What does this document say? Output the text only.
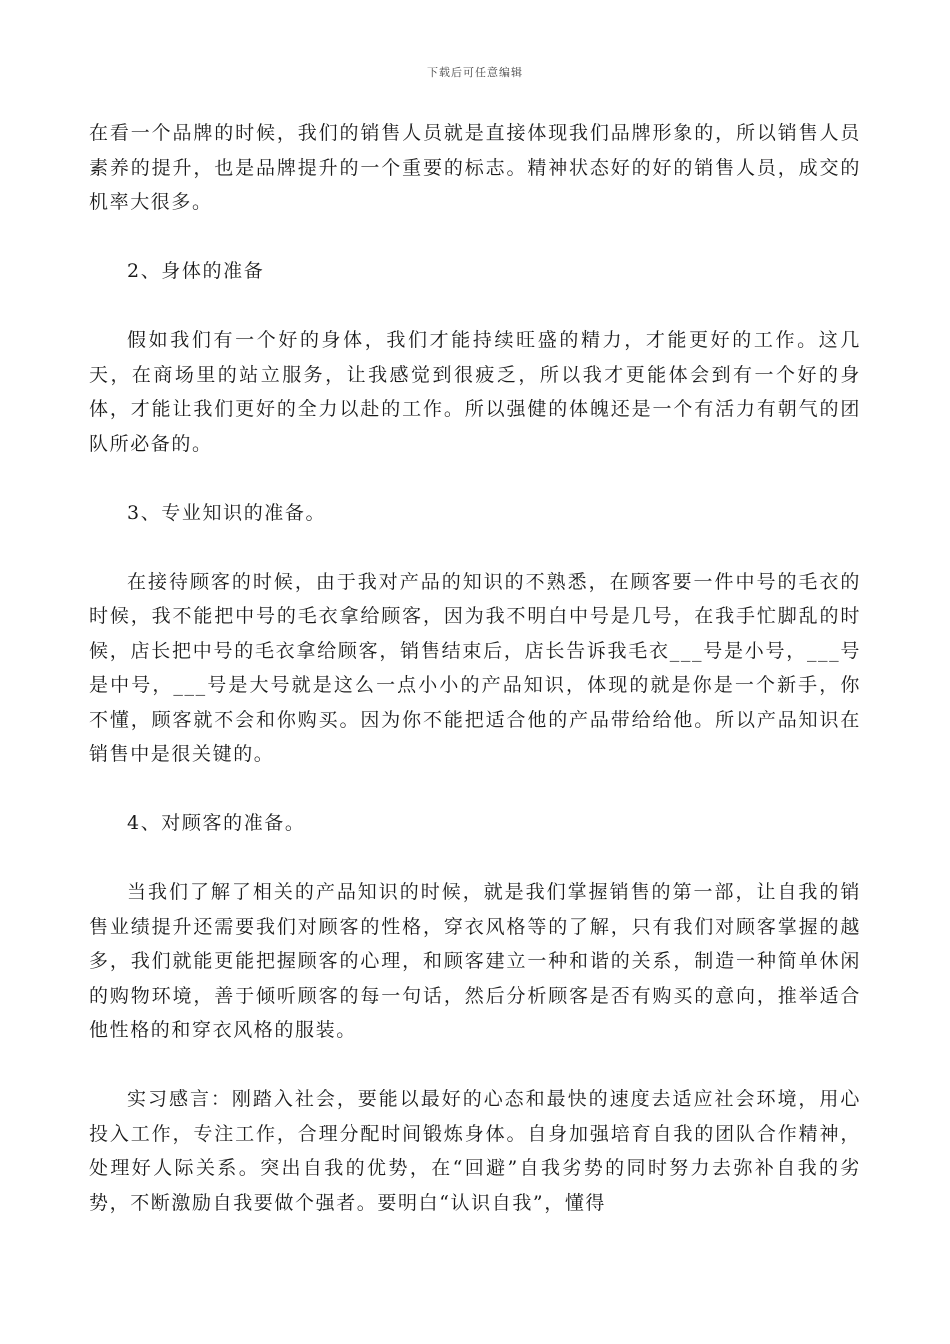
下载后可任意编辑

在看一个品牌的时候，我们的销售人员就是直接体现我们品牌形象的，所以销售人员素养的提升，也是品牌提升的一个重要的标志。精神状态好的好的销售人员，成交的机率大很多。

2、身体的准备

假如我们有一个好的身体，我们才能持续旺盛的精力，才能更好的工作。这几天，在商场里的站立服务，让我感觉到很疲乏，所以我才更能体会到有一个好的身体，才能让我们更好的全力以赴的工作。所以强健的体魄还是一个有活力有朝气的团队所必备的。

3、专业知识的准备。

在接待顾客的时候，由于我对产品的知识的不熟悉，在顾客要一件中号的毛衣的时候，我不能把中号的毛衣拿给顾客，因为我不明白中号是几号，在我手忙脚乱的时候，店长把中号的毛衣拿给顾客，销售结束后，店长告诉我毛衣___号是小号，___号是中号，___号是大号就是这么一点小小的产品知识，体现的就是你是一个新手，你不懂，顾客就不会和你购买。因为你不能把适合他的产品带给给他。所以产品知识在销售中是很关键的。

4、对顾客的准备。

当我们了解了相关的产品知识的时候，就是我们掌握销售的第一部，让自我的销售业绩提升还需要我们对顾客的性格，穿衣风格等的了解，只有我们对顾客掌握的越多，我们就能更能把握顾客的心理，和顾客建立一种和谐的关系，制造一种简单休闲的购物环境，善于倾听顾客的每一句话，然后分析顾客是否有购买的意向，推举适合他性格的和穿衣风格的服装。

实习感言：刚踏入社会，要能以最好的心态和最快的速度去适应社会环境，用心投入工作，专注工作，合理分配时间锻炼身体。自身加强培育自我的团队合作精神，处理好人际关系。突出自我的优势，在“回避”自我劣势的同时努力去弥补自我的劣势，不断激励自我要做个强者。要明白“认识自我”，懂得
